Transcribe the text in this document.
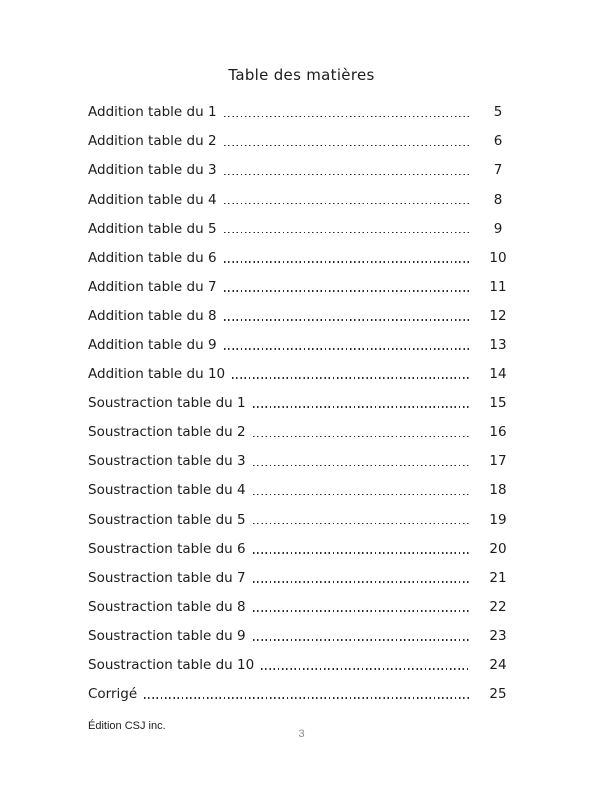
Table des matières
Addition table du 1	5
Addition table du 2	6
Addition table du 3	7
Addition table du 4	8
Addition table du 5	9
Addition table du 6	10
Addition table du 7	11
Addition table du 8	12
Addition table du 9	13
Addition table du 10	14
Soustraction table du 1	15
Soustraction table du 2	16
Soustraction table du 3	17
Soustraction table du 4	18
Soustraction table du 5	19
Soustraction table du 6	20
Soustraction table du 7	21
Soustraction table du 8	22
Soustraction table du 9	23
Soustraction table du 10	24
Corrigé	25
Édition CSJ inc.
3
